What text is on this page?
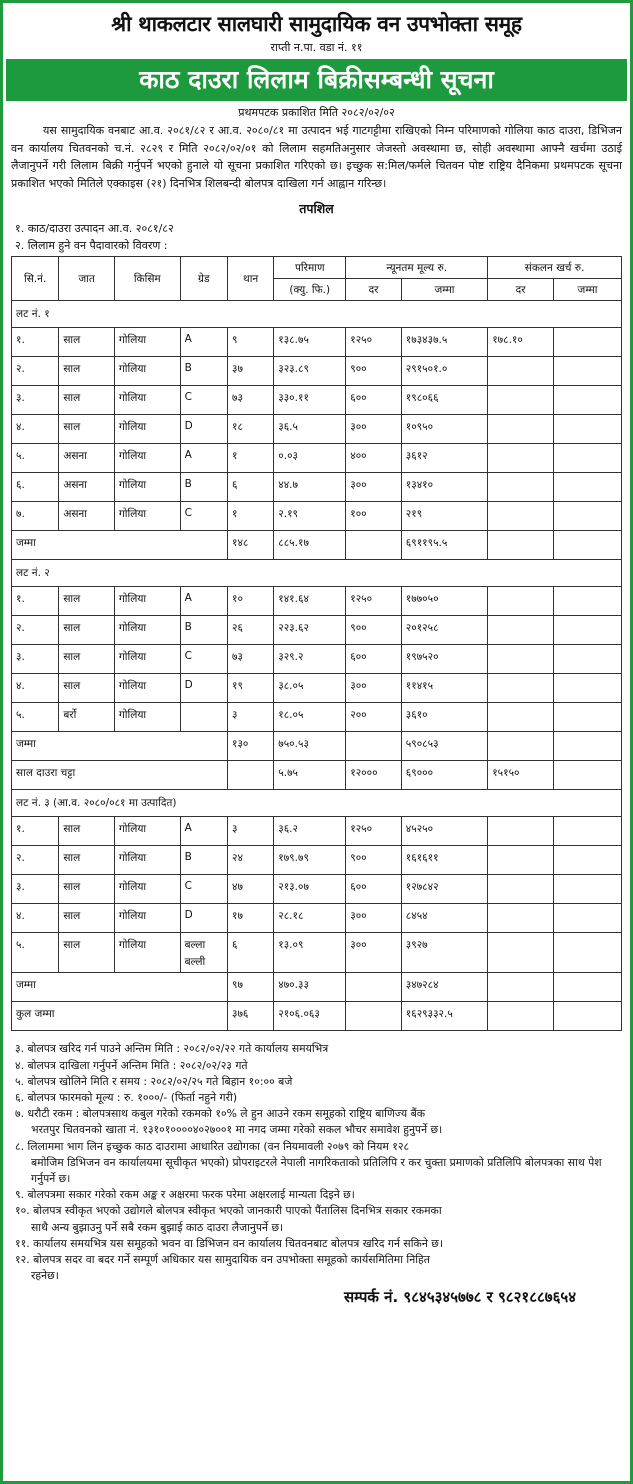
श्री थाकलटार सालघारी सामुदायिक वन उपभोक्ता समूह
राप्ती न.पा. वडा नं. ११
काठ दाउरा लिलाम बिक्रीसम्बन्धी सूचना
प्रथमपटक प्रकाशित मिति २०८२/०२/०२

यस सामुदायिक वनबाट आ.व. २०८१/८२ र आ.व. २०८०/८१ मा उत्पादन भई गाटगट्टीमा राखिएको निम्न परिमाणको गोलिया काठ दाउरा, डिभिजन वन कार्यालय चितवनको च.नं. २८२९ र मिति २०८२/०२/०१ को लिलाम सहमतिअनुसार जेजस्तो अवस्थामा छ, सोही अवस्थामा आफ्नै खर्चमा उठाई लैजानुपर्ने गरी लिलाम बिक्री गर्नुपर्ने भएको हुनाले यो सूचना प्रकाशित गरिएको छ। इच्छुक स:मिल/फर्मले चितवन पोष्ट राष्ट्रिय दैनिकमा प्रथमपटक सूचना प्रकाशित भएको मितिले एक्काइस (२१) दिनभित्र शिलबन्दी बोलपत्र दाखिला गर्न आह्वान गरिन्छ।

तपशिल
१. काठ/दाउरा उत्पादन आ.व. २०८१/८२
२. लिलाम हुने वन पैदावारको विवरण :
सि.नं.	जात	किसिम	ग्रेड	थान	परिमाण	न्यूनतम मूल्य रु.		संकलन खर्च रु.	
					(क्यु. फि.)	दर	जम्मा	दर	जम्मा
लट नं. १									
१.	साल	गोलिया	A	९	१३८.७५	१२५०	१७३४३७.५	१७८.१०	
२.	साल	गोलिया	B	३७	३२३.८९	९००	२९१५०१.०		
३.	साल	गोलिया	C	७३	३३०.११	६००	१९८०६६		
४.	साल	गोलिया	D	१८	३६.५	३००	१०९५०		
५.	असना	गोलिया	A	१	०.०३	४००	३६१२		
६.	असना	गोलिया	B	६	४४.७	३००	१३४१०		
७.	असना	गोलिया	C	१	२.१९	१००	२१९		
जम्मा				१४८	८८५.१७		६९११९५.५		
लट नं. २									
१.	साल	गोलिया	A	१०	१४१.६४	१२५०	१७७०५०		
२.	साल	गोलिया	B	२६	२२३.६२	९००	२०१२५८		
३.	साल	गोलिया	C	७३	३२९.२	६००	१९७५२०		
४.	साल	गोलिया	D	१९	३८.०५	३००	११४१५		
५.	बर्रो	गोलिया		३	१८.०५	२००	३६१०		
जम्मा				१३०	७५०.५३		५९०८५३		
साल दाउरा चट्टा					५.७५	१२०००	६९०००	१५१५०	
लट नं. ३ (आ.व. २०८०/०८१ मा उत्पादित)									
१.	साल	गोलिया	A	३	३६.२	१२५०	४५२५०		
२.	साल	गोलिया	B	२४	१७९.७९	९००	१६१६११		
३.	साल	गोलिया	C	४७	२१३.०७	६००	१२७८४२		
४.	साल	गोलिया	D	१७	२८.१८	३००	८४५४		
५.	साल	गोलिया	बल्ला बल्ली	६	१३.०९	३००	३९२७		
जम्मा				९७	४७०.३३		३४७२८४		
कुल जम्मा				३७६	२१०६.०६३		१६२९३३२.५		
३. बोलपत्र खरिद गर्न पाउने अन्तिम मिति : २०८२/०२/२२ गते कार्यालय समयभित्र
४. बोलपत्र दाखिला गर्नुपर्ने अन्तिम मिति : २०८२/०२/२३ गते
५. बोलपत्र खोलिने मिति र समय : २०८२/०२/२५ गते बिहान १०:०० बजे
६. बोलपत्र फारमको मूल्य : रु. १०००/- (फिर्ता नहुने गरी)
७. धरौटी रकम : बोलपत्रसाथ कबुल गरेको रकमको १०% ले हुन आउने रकम समूहको राष्ट्रिय बाणिज्य बैंक
भरतपुर चितवनको खाता नं. १३१०१००००४०२७००१ मा नगद जम्मा गरेको सकल भौचर समावेश हुनुपर्ने छ।
८. लिलाममा भाग लिन इच्छुक काठ दाउरामा आधारित उद्योगका (वन नियमावली २०७९ को नियम १२८
बमोजिम डिभिजन वन कार्यालयमा सूचीकृत भएको) प्रोपराइटरले नेपाली नागरिकताको प्रतिलिपि र कर चुक्ता प्रमाणको प्रतिलिपि बोलपत्रका साथ पेश गर्नुपर्ने छ।
९. बोलपत्रमा सकार गरेको रकम अङ्क र अक्षरमा फरक परेमा अक्षरलाई मान्यता दिइने छ।
१०. बोलपत्र स्वीकृत भएको उद्योगले बोलपत्र स्वीकृत भएको जानकारी पाएको पैंतालिस दिनभित्र सकार रकमका
साथै अन्य बुझाउनु पर्ने सबै रकम बुझाई काठ दाउरा लैजानुपर्ने छ।
११. कार्यालय समयभित्र यस समूहको भवन वा डिभिजन वन कार्यालय चितवनबाट बोलपत्र खरिद गर्न सकिने छ।
१२. बोलपत्र सदर वा बदर गर्ने सम्पूर्ण अधिकार यस सामुदायिक वन उपभोक्ता समूहको कार्यसमितिमा निहित
रहनेछ।
सम्पर्क नं. ९८४५३४५७७८ र ९८२१८८७६५४
